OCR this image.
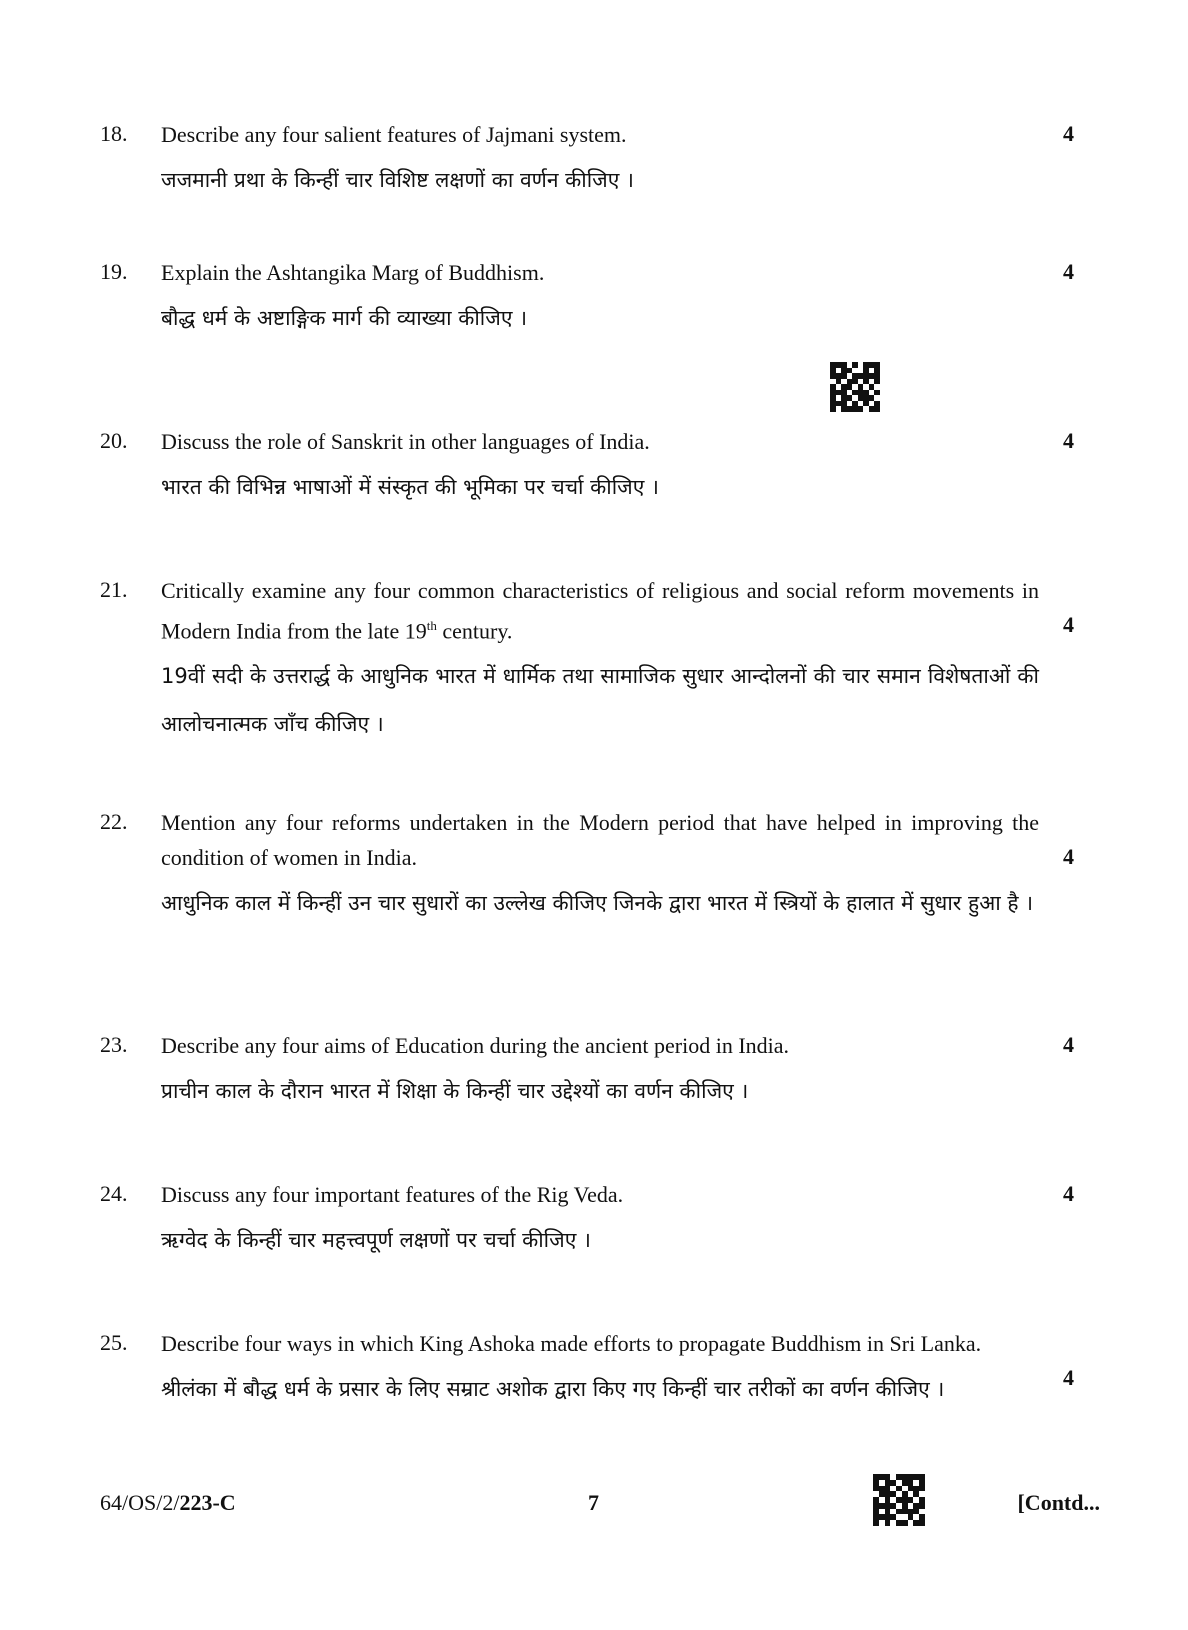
18. Describe any four salient features of Jajmani system.
जजमानी प्रथा के किन्हीं चार विशिष्ट लक्षणों का वर्णन कीजिए ।
4
19. Explain the Ashtangika Marg of Buddhism.
बौद्ध धर्म के अष्टाङ्गिक मार्ग की व्याख्या कीजिए ।
4
20. Discuss the role of Sanskrit in other languages of India.
भारत की विभिन्न भाषाओं में संस्कृत की भूमिका पर चर्चा कीजिए ।
4
21. Critically examine any four common characteristics of religious and social reform movements in Modern India from the late 19th century.
19वीं सदी के उत्तरार्द्ध के आधुनिक भारत में धार्मिक तथा सामाजिक सुधार आन्दोलनों की चार समान विशेषताओं की आलोचनात्मक जाँच कीजिए ।
4
22. Mention any four reforms undertaken in the Modern period that have helped in improving the condition of women in India.
आधुनिक काल में किन्हीं उन चार सुधारों का उल्लेख कीजिए जिनके द्वारा भारत में स्त्रियों के हालात में सुधार हुआ है ।
4
23. Describe any four aims of Education during the ancient period in India.
प्राचीन काल के दौरान भारत में शिक्षा के किन्हीं चार उद्देश्यों का वर्णन कीजिए ।
4
24. Discuss any four important features of the Rig Veda.
ऋग्वेद के किन्हीं चार महत्त्वपूर्ण लक्षणों पर चर्चा कीजिए ।
4
25. Describe four ways in which King Ashoka made efforts to propagate Buddhism in Sri Lanka.
श्रीलंका में बौद्ध धर्म के प्रसार के लिए सम्राट अशोक द्वारा किए गए किन्हीं चार तरीकों का वर्णन कीजिए ।	4
64/OS/2/223-C	7	[Contd...
